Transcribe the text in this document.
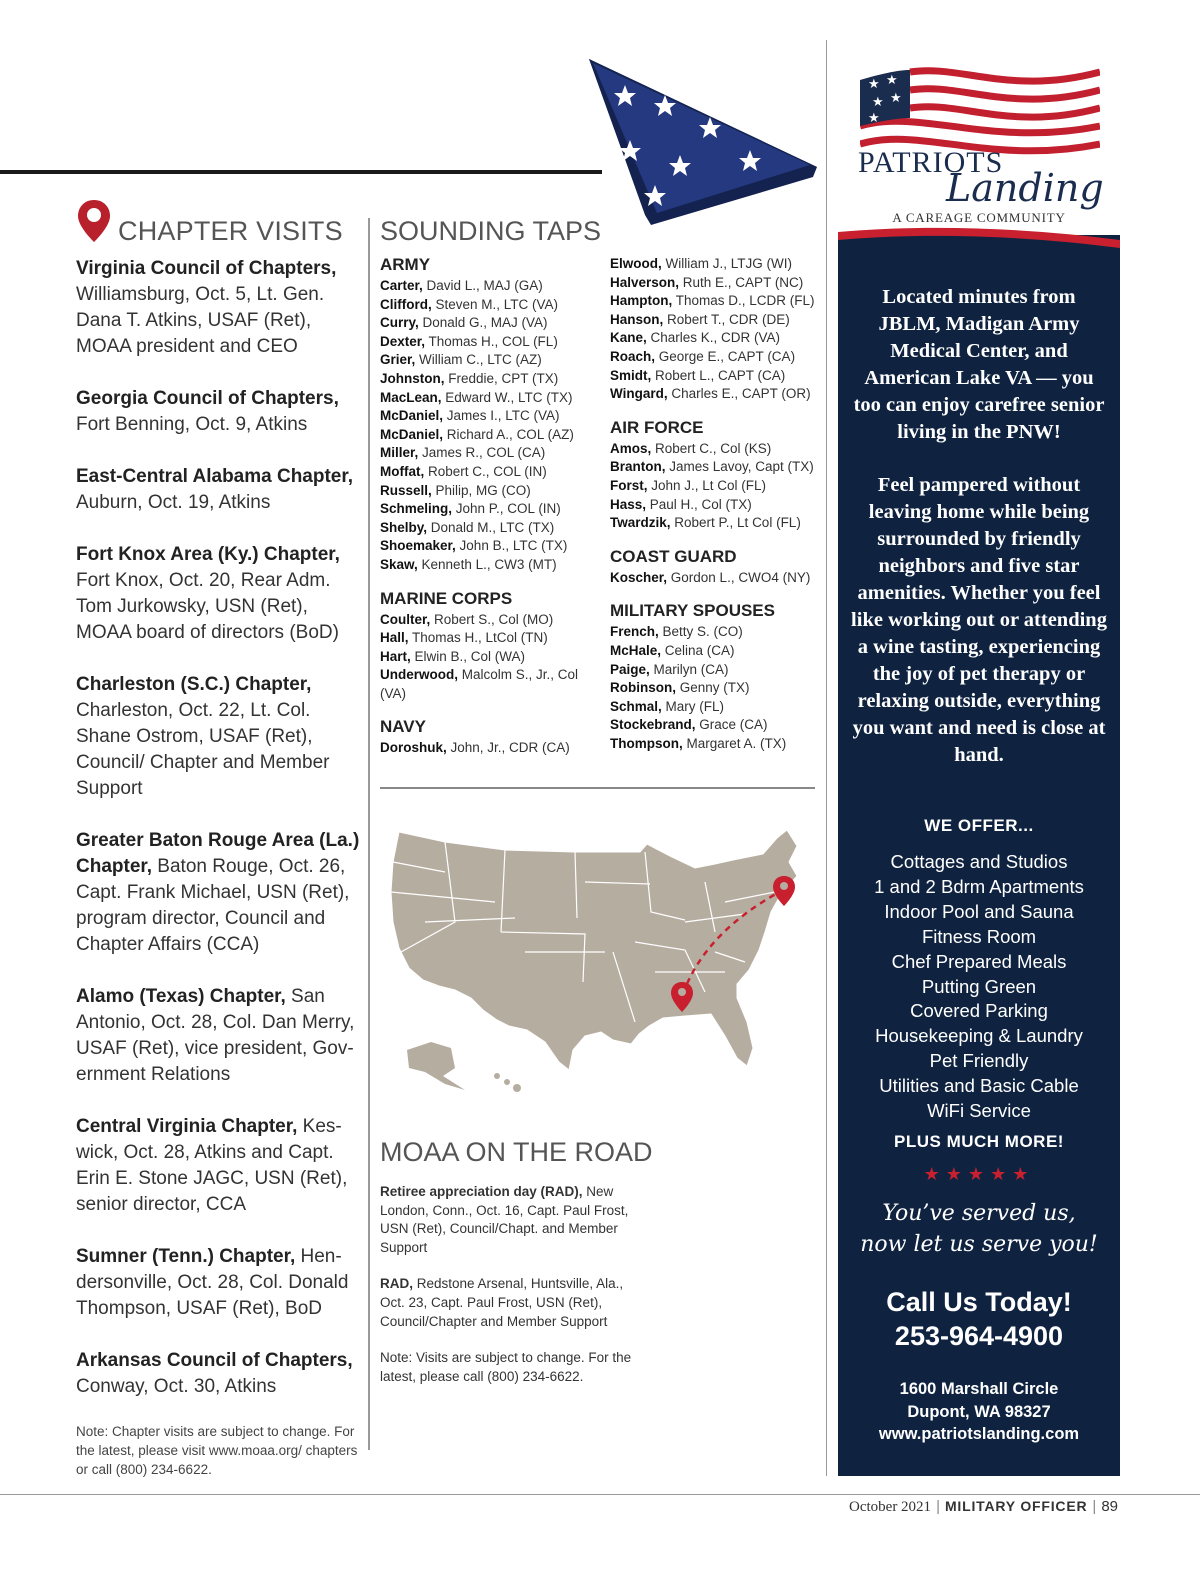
CHAPTER VISITS
Virginia Council of Chapters, Williamsburg, Oct. 5, Lt. Gen. Dana T. Atkins, USAF (Ret), MOAA president and CEO
Georgia Council of Chapters, Fort Benning, Oct. 9, Atkins
East-Central Alabama Chapter, Auburn, Oct. 19, Atkins
Fort Knox Area (Ky.) Chapter, Fort Knox, Oct. 20, Rear Adm. Tom Jurkowsky, USN (Ret), MOAA board of directors (BoD)
Charleston (S.C.) Chapter, Charleston, Oct. 22, Lt. Col. Shane Ostrom, USAF (Ret), Council/ Chapter and Member Support
Greater Baton Rouge Area (La.) Chapter, Baton Rouge, Oct. 26, Capt. Frank Michael, USN (Ret), program director, Council and Chapter Affairs (CCA)
Alamo (Texas) Chapter, San Antonio, Oct. 28, Col. Dan Merry, USAF (Ret), vice president, Gov-ernment Relations
Central Virginia Chapter, Kes-wick, Oct. 28, Atkins and Capt. Erin E. Stone JAGC, USN (Ret), senior director, CCA
Sumner (Tenn.) Chapter, Hen-dersonville, Oct. 28, Col. Donald Thompson, USAF (Ret), BoD
Arkansas Council of Chapters, Conway, Oct. 30, Atkins
Note: Chapter visits are subject to change. For the latest, please visit www.moaa.org/ chapters or call (800) 234-6622.
SOUNDING TAPS
ARMY
Carter, David L., MAJ (GA)
Clifford, Steven M., LTC (VA)
Curry, Donald G., MAJ (VA)
Dexter, Thomas H., COL (FL)
Grier, William C., LTC (AZ)
Johnston, Freddie, CPT (TX)
MacLean, Edward W., LTC (TX)
McDaniel, James I., LTC (VA)
McDaniel, Richard A., COL (AZ)
Miller, James R., COL (CA)
Moffat, Robert C., COL (IN)
Russell, Philip, MG (CO)
Schmeling, John P., COL (IN)
Shelby, Donald M., LTC (TX)
Shoemaker, John B., LTC (TX)
Skaw, Kenneth L., CW3 (MT)
MARINE CORPS
Coulter, Robert S., Col (MO)
Hall, Thomas H., LtCol (TN)
Hart, Elwin B., Col (WA)
Underwood, Malcolm S., Jr., Col (VA)
NAVY
Doroshuk, John, Jr., CDR (CA)
Elwood, William J., LTJG (WI)
Halverson, Ruth E., CAPT (NC)
Hampton, Thomas D., LCDR (FL)
Hanson, Robert T., CDR (DE)
Kane, Charles K., CDR (VA)
Roach, George E., CAPT (CA)
Smidt, Robert L., CAPT (CA)
Wingard, Charles E., CAPT (OR)
AIR FORCE
Amos, Robert C., Col (KS)
Branton, James Lavoy, Capt (TX)
Forst, John J., Lt Col (FL)
Hass, Paul H., Col (TX)
Twardzik, Robert P., Lt Col (FL)
COAST GUARD
Koscher, Gordon L., CWO4 (NY)
MILITARY SPOUSES
French, Betty S. (CO)
McHale, Celina (CA)
Paige, Marilyn (CA)
Robinson, Genny (TX)
Schmal, Mary (FL)
Stockebrand, Grace (CA)
Thompson, Margaret A. (TX)
MOAA ON THE ROAD

Retiree appreciation day (RAD), New London, Conn., Oct. 16, Capt. Paul Frost, USN (Ret), Council/Chapt. and Member Support

RAD, Redstone Arsenal, Huntsville, Ala., Oct. 23, Capt. Paul Frost, USN (Ret), Council/Chapter and Member Support

Note: Visits are subject to change. For the latest, please call (800) 234-6622.

★ ★
★ ★
★
PATRIOTS
Landing
A CAREAGE COMMUNITY
Located minutes from JBLM, Madigan Army Medical Center, and American Lake VA — you too can enjoy carefree senior living in the PNW!
Feel pampered without leaving home while being surrounded by friendly neighbors and five star amenities. Whether you feel like working out or attending a wine tasting, experiencing the joy of pet therapy or relaxing outside, everything you want and need is close at hand.
WE OFFER...
Cottages and Studios
1 and 2 Bdrm Apartments
Indoor Pool and Sauna
Fitness Room
Chef Prepared Meals
Putting Green
Covered Parking
Housekeeping & Laundry
Pet Friendly
Utilities and Basic Cable
WiFi Service
PLUS MUCH MORE!
★★★★★
You’ve served us,
now let us serve you!
Call Us Today!
253-964-4900
1600 Marshall Circle
Dupont, WA 98327
www.patriotslanding.com
October 2021 | MILITARY OFFICER | 89
